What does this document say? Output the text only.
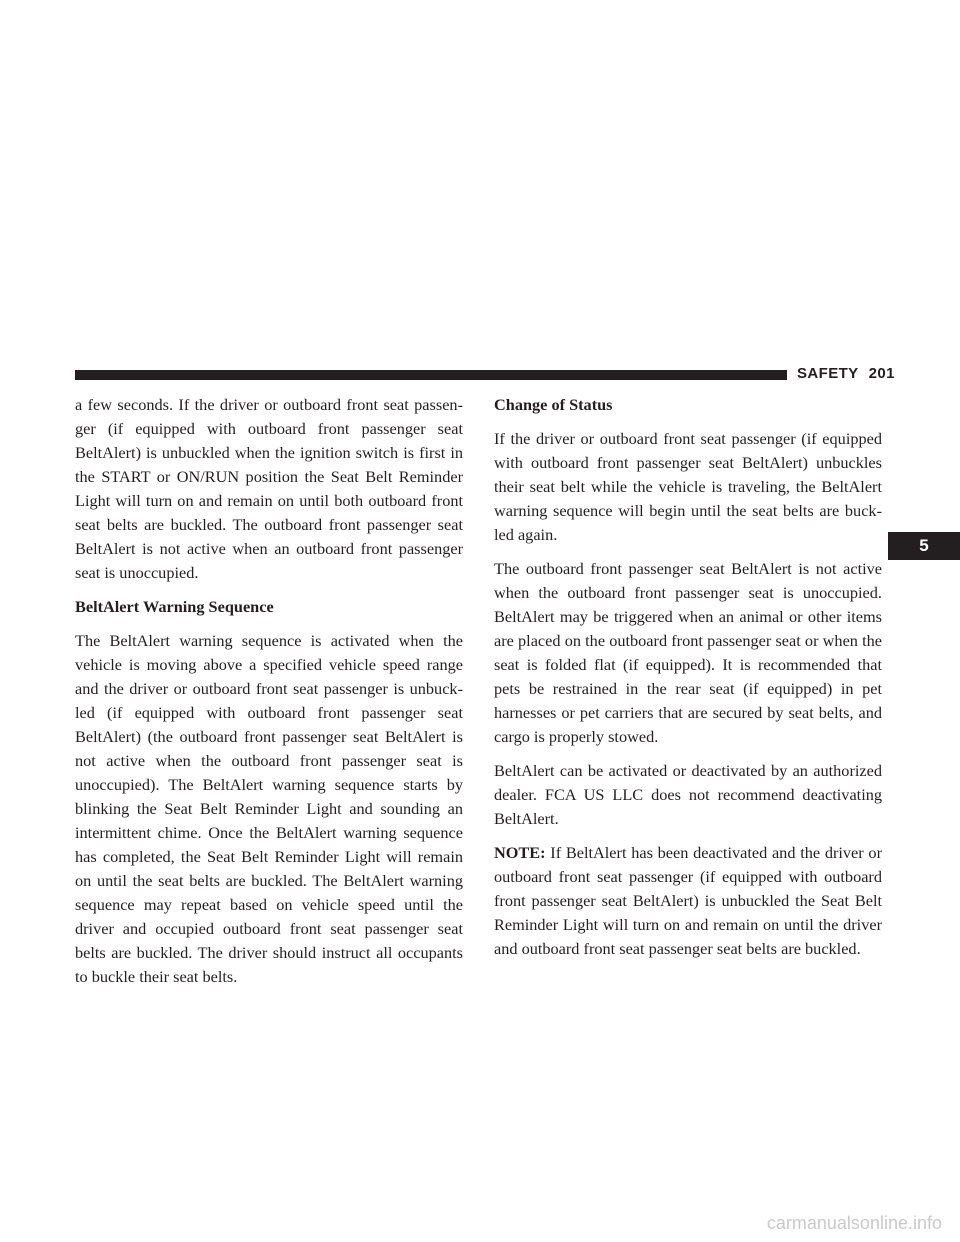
SAFETY 201
5

a few seconds. If the driver or outboard front seat passen-ger (if equipped with outboard front passenger seat BeltAlert) is unbuckled when the ignition switch is first in the START or ON/RUN position the Seat Belt Reminder Light will turn on and remain on until both outboard front seat belts are buckled. The outboard front passenger seat BeltAlert is not active when an outboard front passenger seat is unoccupied.

BeltAlert Warning Sequence

The BeltAlert warning sequence is activated when the vehicle is moving above a specified vehicle speed range and the driver or outboard front seat passenger is unbuck-led (if equipped with outboard front passenger seat BeltAlert) (the outboard front passenger seat BeltAlert is not active when the outboard front passenger seat is unoccupied). The BeltAlert warning sequence starts by blinking the Seat Belt Reminder Light and sounding an intermittent chime. Once the BeltAlert warning sequence has completed, the Seat Belt Reminder Light will remain on until the seat belts are buckled. The BeltAlert warning sequence may repeat based on vehicle speed until the driver and occupied outboard front seat passenger seat belts are buckled. The driver should instruct all occupants to buckle their seat belts.

Change of Status

If the driver or outboard front seat passenger (if equipped with outboard front passenger seat BeltAlert) unbuckles their seat belt while the vehicle is traveling, the BeltAlert warning sequence will begin until the seat belts are buck-led again.

The outboard front passenger seat BeltAlert is not active when the outboard front passenger seat is unoccupied. BeltAlert may be triggered when an animal or other items are placed on the outboard front passenger seat or when the seat is folded flat (if equipped). It is recommended that pets be restrained in the rear seat (if equipped) in pet harnesses or pet carriers that are secured by seat belts, and cargo is properly stowed.

BeltAlert can be activated or deactivated by an authorized dealer. FCA US LLC does not recommend deactivating BeltAlert.

NOTE: If BeltAlert has been deactivated and the driver or outboard front seat passenger (if equipped with outboard front passenger seat BeltAlert) is unbuckled the Seat Belt Reminder Light will turn on and remain on until the driver and outboard front seat passenger seat belts are buckled.

carmanualsonline.info
